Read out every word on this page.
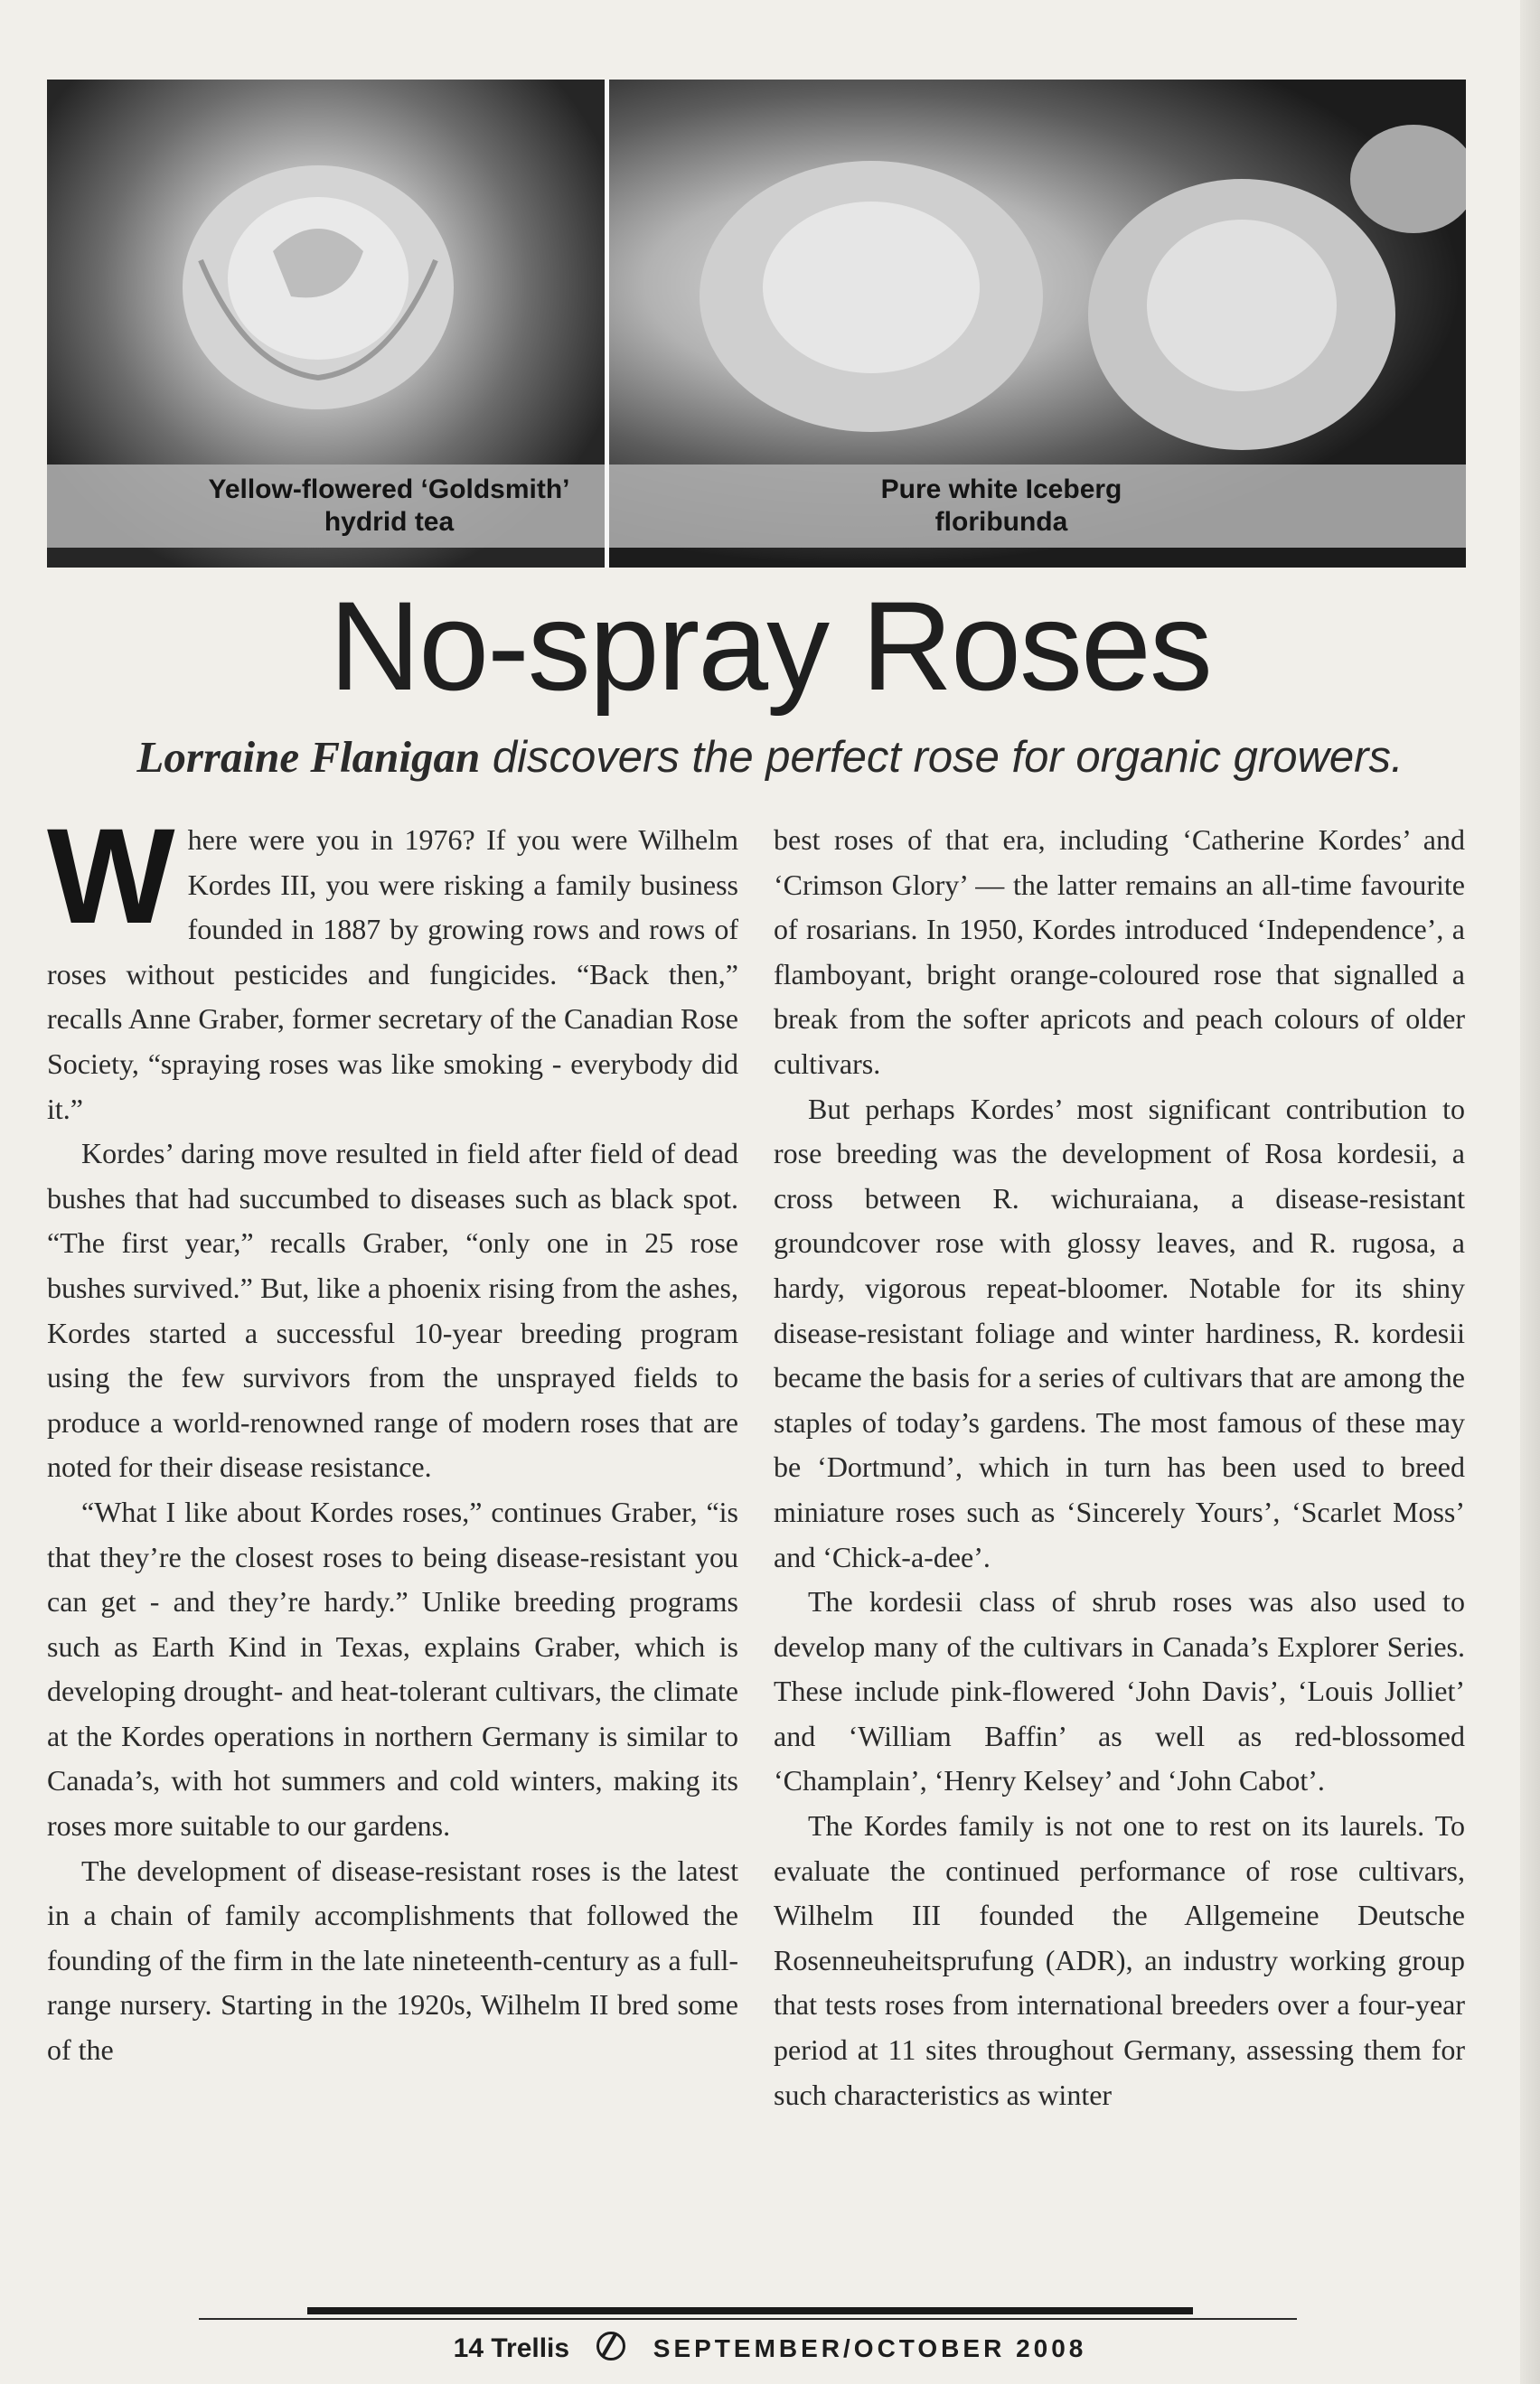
Yellow-flowered ‘Goldsmith’
hydrid tea
Pure white Iceberg
floribunda
No-spray Roses
Lorraine Flanigan discovers the perfect rose for organic growers.

Where were you in 1976? If you were Wilhelm Kordes III, you were risking a family business founded in 1887 by growing rows and rows of roses without pesticides and fungicides. “Back then,” recalls Anne Graber, former secretary of the Canadian Rose Society, “spraying roses was like smoking - everybody did it.”

Kordes’ daring move resulted in field after field of dead bushes that had succumbed to diseases such as black spot. “The first year,” recalls Graber, “only one in 25 rose bushes survived.” But, like a phoenix rising from the ashes, Kordes started a successful 10-year breeding program using the few survivors from the unsprayed fields to produce a world-renowned range of modern roses that are noted for their disease resistance.

“What I like about Kordes roses,” continues Graber, “is that they’re the closest roses to being disease-resistant you can get - and they’re hardy.” Unlike breeding programs such as Earth Kind in Texas, explains Graber, which is developing drought- and heat-tolerant cultivars, the climate at the Kordes operations in northern Germany is similar to Canada’s, with hot summers and cold winters, making its roses more suitable to our gardens.

The development of disease-resistant roses is the latest in a chain of family accomplishments that followed the founding of the firm in the late nineteenth-century as a full-range nursery. Starting in the 1920s, Wilhelm II bred some of the

best roses of that era, including ‘Catherine Kordes’ and ‘Crimson Glory’ — the latter remains an all-time favourite of rosarians. In 1950, Kordes introduced ‘Independence’, a flamboyant, bright orange-coloured rose that signalled a break from the softer apricots and peach colours of older cultivars.

But perhaps Kordes’ most significant contribution to rose breeding was the development of Rosa kordesii, a cross between R. wichuraiana, a disease-resistant groundcover rose with glossy leaves, and R. rugosa, a hardy, vigorous repeat-bloomer. Notable for its shiny disease-resistant foliage and winter hardiness, R. kordesii became the basis for a series of cultivars that are among the staples of today’s gardens. The most famous of these may be ‘Dortmund’, which in turn has been used to breed miniature roses such as ‘Sincerely Yours’, ‘Scarlet Moss’ and ‘Chick-a-dee’.

The kordesii class of shrub roses was also used to develop many of the cultivars in Canada’s Explorer Series. These include pink-flowered ‘John Davis’, ‘Louis Jolliet’ and ‘William Baffin’ as well as red-blossomed ‘Champlain’, ‘Henry Kelsey’ and ‘John Cabot’.

The Kordes family is not one to rest on its laurels. To evaluate the continued performance of rose cultivars, Wilhelm III founded the Allgemeine Deutsche Rosenneuheitsprufung (ADR), an industry working group that tests roses from international breeders over a four-year period at 11 sites throughout Germany, assessing them for such characteristics as winter

14 Trellis	SEPTEMBER/OCTOBER 2008
